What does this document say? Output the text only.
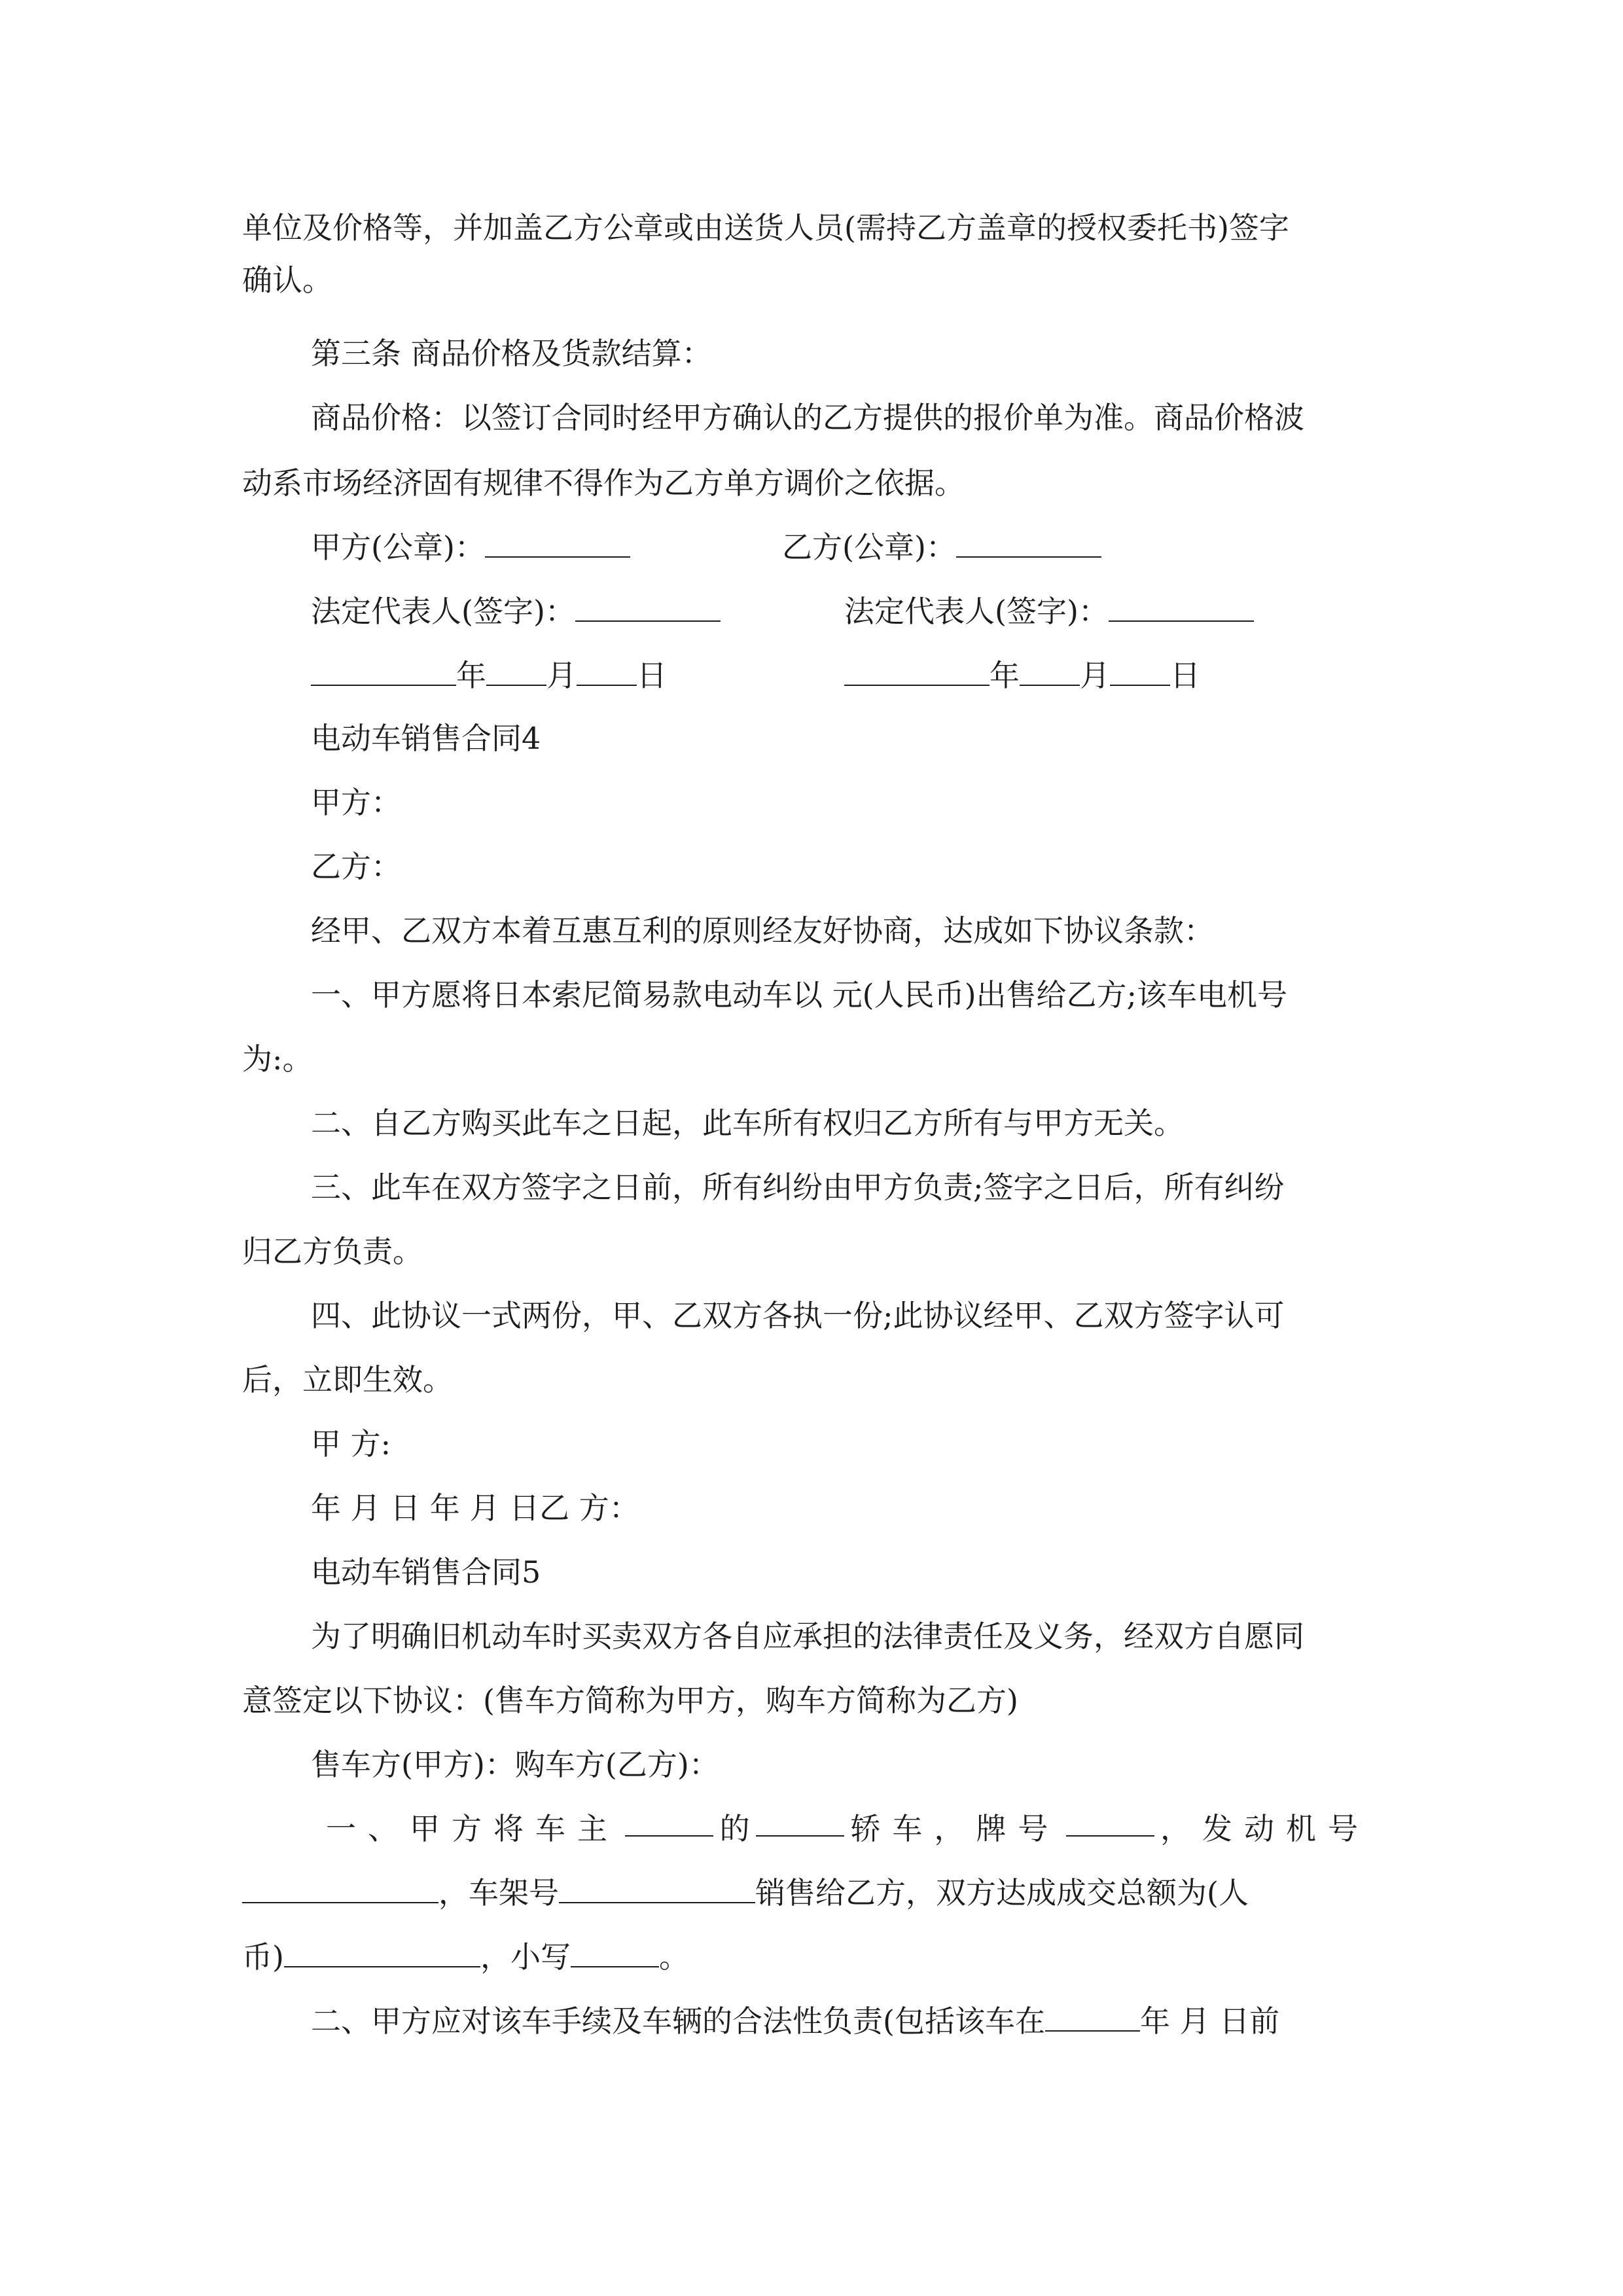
单位及价格等，并加盖乙方公章或由送货人员(需持乙方盖章的授权委托书)签字

确认。

第三条 商品价格及货款结算：

商品价格：以签订合同时经甲方确认的乙方提供的报价单为准。商品价格波

动系市场经济固有规律不得作为乙方单方调价之依据。

甲方(公章)：	乙方(公章)：
法定代表人(签字)：	法定代表人(签字)：
年 月 日	年 月 日

电动车销售合同4

甲方：

乙方：

经甲、乙双方本着互惠互利的原则经友好协商，达成如下协议条款：

一、甲方愿将日本索尼简易款电动车以 元(人民币)出售给乙方;该车电机号

为:。

二、自乙方购买此车之日起，此车所有权归乙方所有与甲方无关。

三、此车在双方签字之日前，所有纠纷由甲方负责;签字之日后，所有纠纷

归乙方负责。

四、此协议一式两份，甲、乙双方各执一份;此协议经甲、乙双方签字认可

后，立即生效。

甲 方:

年 月 日 年 月 日乙 方：

电动车销售合同5

为了明确旧机动车时买卖双方各自应承担的法律责任及义务，经双方自愿同

意签定以下协议：(售车方简称为甲方，购车方简称为乙方)

售车方(甲方)：购车方(乙方)：

一、甲方将车主	的	轿车，牌号	，发动机号
，车架号	销售给乙方，双方达成成交总额为(人
币)	，小写	。
二、甲方应对该车手续及车辆的合法性负责(包括该车在	年 月 日前
